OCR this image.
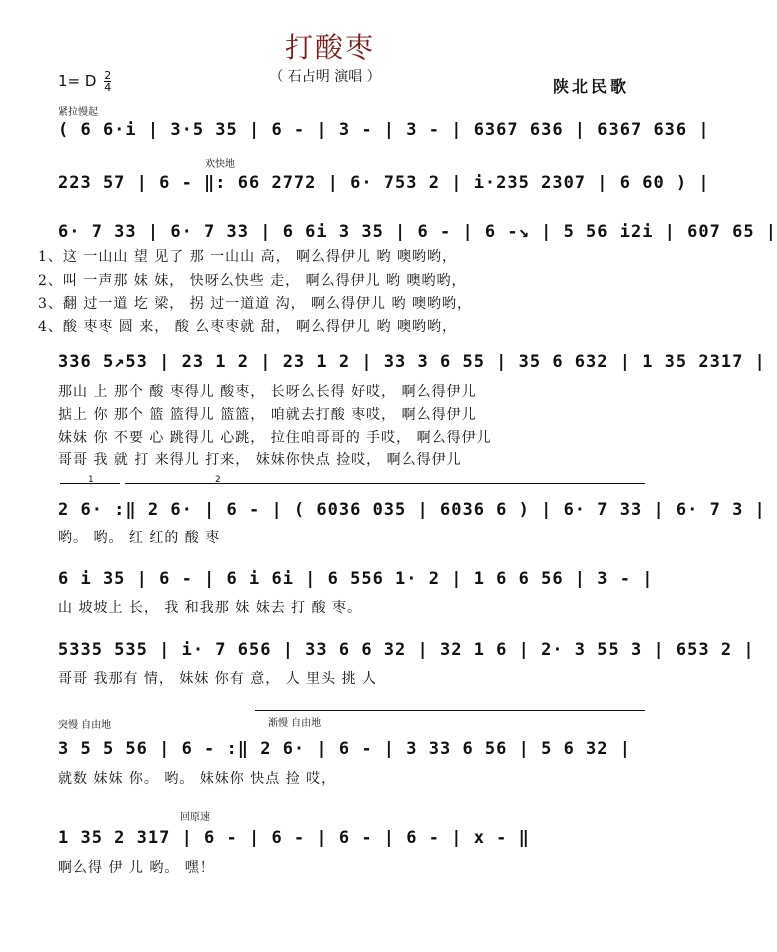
打酸枣
（ 石占明 演唱 ）
1= D $\frac{2}{4}$	陕北民歌
紧拉慢起
欢快地
突慢 自由地	渐慢 自由地
回原速
1	2
( 6 6·i | 3·5 35 | 6 - | 3 - | 3 - | 6367 636 | 6367 636 |
223 57 | 6 - ‖: 66 2772 | 6· 753 2 | i·235 2307 | 6 60 ) |
6· 7 33 | 6· 7 33 | 6 6i 3 35 | 6 - | 6 -↘ | 5 56 i2i | 607 65 |
1、这 一山山 望 见了 那 一山山 高， 啊么得伊儿 哟 噢哟哟，
2、叫 一声那 妹 妹， 快呀么快些 走， 啊么得伊儿 哟 噢哟哟，
3、翻 过一道 圪 梁， 拐 过一道道 沟， 啊么得伊儿 哟 噢哟哟，
4、酸 枣枣 圆 来， 酸 么枣枣就 甜， 啊么得伊儿 哟 噢哟哟，
336 5↗53 | 23 1 2 | 23 1 2 | 33 3 6 55 | 35 6 632 | 1 35 2317 |
那山 上 那个 酸 枣得儿 酸枣， 长呀么长得 好哎， 啊么得伊儿
掂上 你 那个 篮 篮得儿 篮篮， 咱就去打酸 枣哎， 啊么得伊儿
妹妹 你 不要 心 跳得儿 心跳， 拉住咱哥哥的 手哎， 啊么得伊儿
哥哥 我 就 打 来得儿 打来， 妹妹你快点 捡哎， 啊么得伊儿
2 6· :‖ 2 6· | 6 - | ( 6036 035 | 6036 6 ) | 6· 7 33 | 6· 7 3 |
哟。 哟。 红 红的 酸 枣
6 i 35 | 6 - | 6 i 6i | 6 556 1· 2 | 1 6 6 56 | 3 - |
山 坡坡上 长， 我 和我那 妹 妹去 打 酸 枣。
5335 535 | i· 7 656 | 33 6 6 32 | 32 1 6 | 2· 3 55 3 | 653 2 |
哥哥 我那有 情， 妹妹 你有 意， 人 里头 挑 人
3 5 5 56 | 6 - :‖ 2 6· | 6 - | 3 33 6 56 | 5 6 32 |
就数 妹妹 你。 哟。 妹妹你 快点 捡 哎，
1 35 2 317 | 6 - | 6 - | 6 - | 6 - | x - ‖
啊么得 伊 儿 哟。 嘿！
